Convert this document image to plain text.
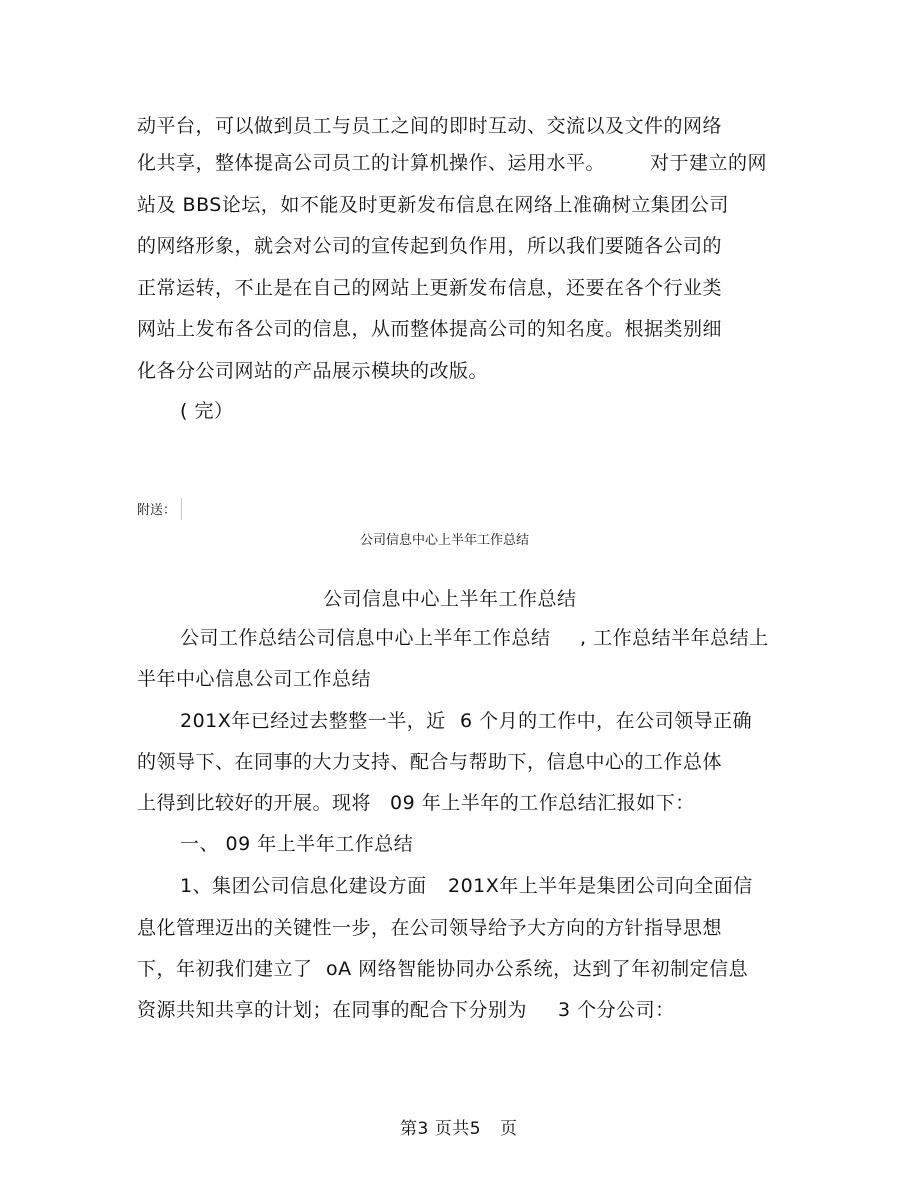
动平台，可以做到员工与员工之间的即时互动、交流以及文件的网络
化共享，整体提高公司员工的计算机操作、运用水平。 对于建立的网
站及 BBS论坛，如不能及时更新发布信息在网络上准确树立集团公司
的网络形象，就会对公司的宣传起到负作用，所以我们要随各公司的
正常运转，不止是在自己的网站上更新发布信息，还要在各个行业类
网站上发布各公司的信息，从而整体提高公司的知名度。根据类别细
化各分公司网站的产品展示模块的改版。
( 完）
附送：
公司信息中心上半年工作总结
公司信息中心上半年工作总结
公司工作总结公司信息中心上半年工作总结 , 工作总结半年总结上
半年中心信息公司工作总结
201X年已经过去整整一半，近 6 个月的工作中，在公司领导正确
的领导下、在同事的大力支持、配合与帮助下，信息中心的工作总体
上得到比较好的开展。现将 09 年上半年的工作总结汇报如下：
一、 09 年上半年工作总结
1、集团公司信息化建设方面 201X年上半年是集团公司向全面信
息化管理迈出的关键性一步，在公司领导给予大方向的方针指导思想
下，年初我们建立了 oA 网络智能协同办公系统，达到了年初制定信息
资源共知共享的计划；在同事的配合下分别为 3 个分公司：
第3 页共5 页
